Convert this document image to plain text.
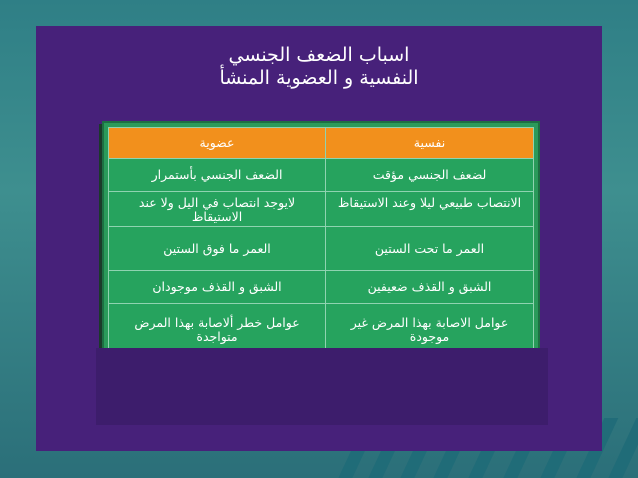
اسباب الضعف الجنسي
النفسية و العضوية المنشأ
نفسية	عضوية
لضعف الجنسي مؤقت	الضعف الجنسي بأستمرار
الانتصاب طبيعي ليلا وعند الاستيقاظ	لايوجد انتصاب في اليل ولا عند الاستيقاظ
العمر ما تحت الستين	العمر ما فوق الستين
الشبق و القذف ضعيفين	الشبق و القذف موجودان
عوامل الاصابة بهذا المرض غير موجودة	عوامل خطر ألاصابة بهذا المرض متواجدة
